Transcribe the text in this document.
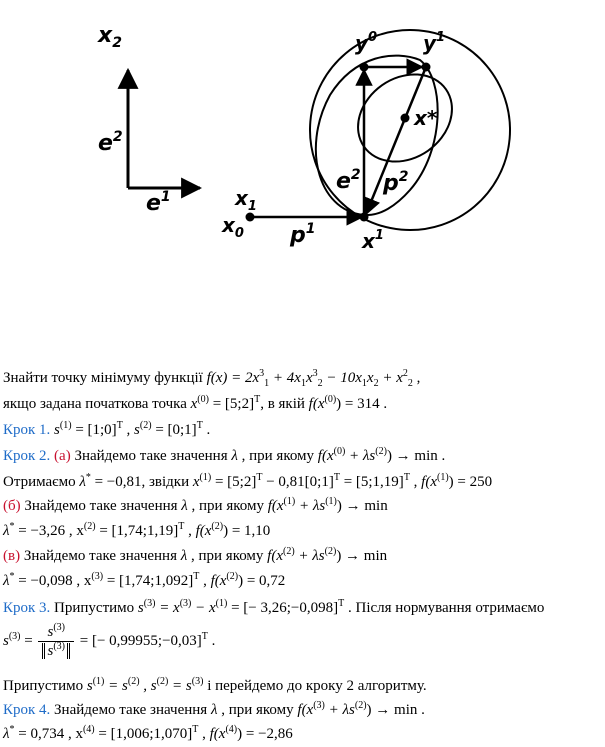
$x_2$
$e^2$
$e^1$	$x_1$
$x_0$ $p^1$ $x^1$
$y^0$ $y^1$
x*
$e^2$ $p^2$
Знайти точку мінімуму функції $f(x) = 2x^3_1 + 4x_1x^3_2 - 10x_1x_2 + x^2_2$ ,
якщо задана початкова точка $x^{(0)}$ = [5;2]$^T$, в якій $f(x^{(0)}) = 314$ .
Крок 1. $s^{(1)}$ = [1;0]$^T$ , $s^{(2)}$ = [0;1]$^T$ .
Крок 2. (а) Знайдемо таке значення λ , при якому $f(x^{(0)} + \lambda s^{(2)}) \to \min$ .
Отримаємо λ* = −0,81, звідки $x^{(1)}$ = [5;2]$^T$ − 0,81[0;1]$^T$ = [5;1,19]$^T$ , $f(x^{(1)}) = 250$
(б) Знайдемо таке значення λ , при якому $f(x^{(1)} + \lambda s^{(1)}) \to \min$
λ* = −3,26 , $x^{(2)}$ = [1,74;1,19]$^T$ , $f(x^{(2)}) = 1,10$
(в) Знайдемо таке значення λ , при якому $f(x^{(2)} + \lambda s^{(2)}) \to \min$
λ* = −0,098 , $x^{(3)}$ = [1,74;1,092]$^T$ , $f(x^{(2)}) = 0,72$
Крок 3. Припустимо $s^{(3)} = x^{(3)} - x^{(1)}$ = [− 3,26;−0,098]$^T$ . Після нормування отримаємо
$s^{(3)} = \frac{s^{(3)}}{s^{(3)}}$ = [− 0,99955;−0,03]$^T$ .
Припустимо $s^{(1)} = s^{(2)}$ , $s^{(2)} = s^{(3)}$ і перейдемо до кроку 2 алгоритму.
Крок 4. Знайдемо таке значення λ , при якому $f(x^{(3)} + \lambda s^{(2)}) \to \min$ .
λ* = 0,734 , $x^{(4)}$ = [1,006;1,070]$^T$ , $f(x^{(4)}) = -2,86$
